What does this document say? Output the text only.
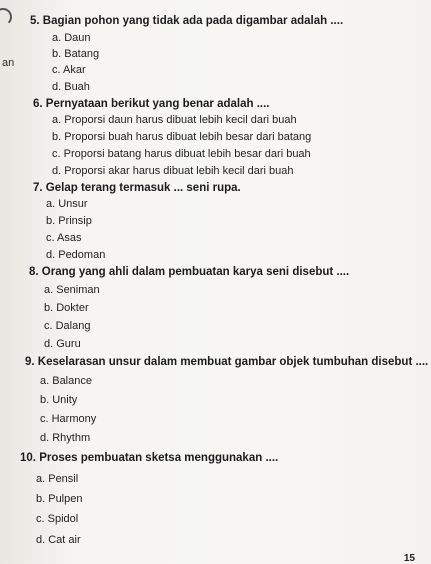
an
5. Bagian pohon yang tidak ada pada digambar adalah ....
a. Daun
b. Batang
c. Akar
d. Buah
6. Pernyataan berikut yang benar adalah ....
a. Proporsi daun harus dibuat lebih kecil dari buah
b. Proporsi buah harus dibuat lebih besar dari batang
c. Proporsi batang harus dibuat lebih besar dari buah
d. Proporsi akar harus dibuat lebih kecil dari buah
7. Gelap terang termasuk ... seni rupa.
a. Unsur
b. Prinsip
c. Asas
d. Pedoman
8. Orang yang ahli dalam pembuatan karya seni disebut ....
a. Seniman
b. Dokter
c. Dalang
d. Guru
9. Keselarasan unsur dalam membuat gambar objek tumbuhan disebut ....
a. Balance
b. Unity
c. Harmony
d. Rhythm
10. Proses pembuatan sketsa menggunakan ....
a. Pensil
b. Pulpen
c. Spidol
d. Cat air
15
